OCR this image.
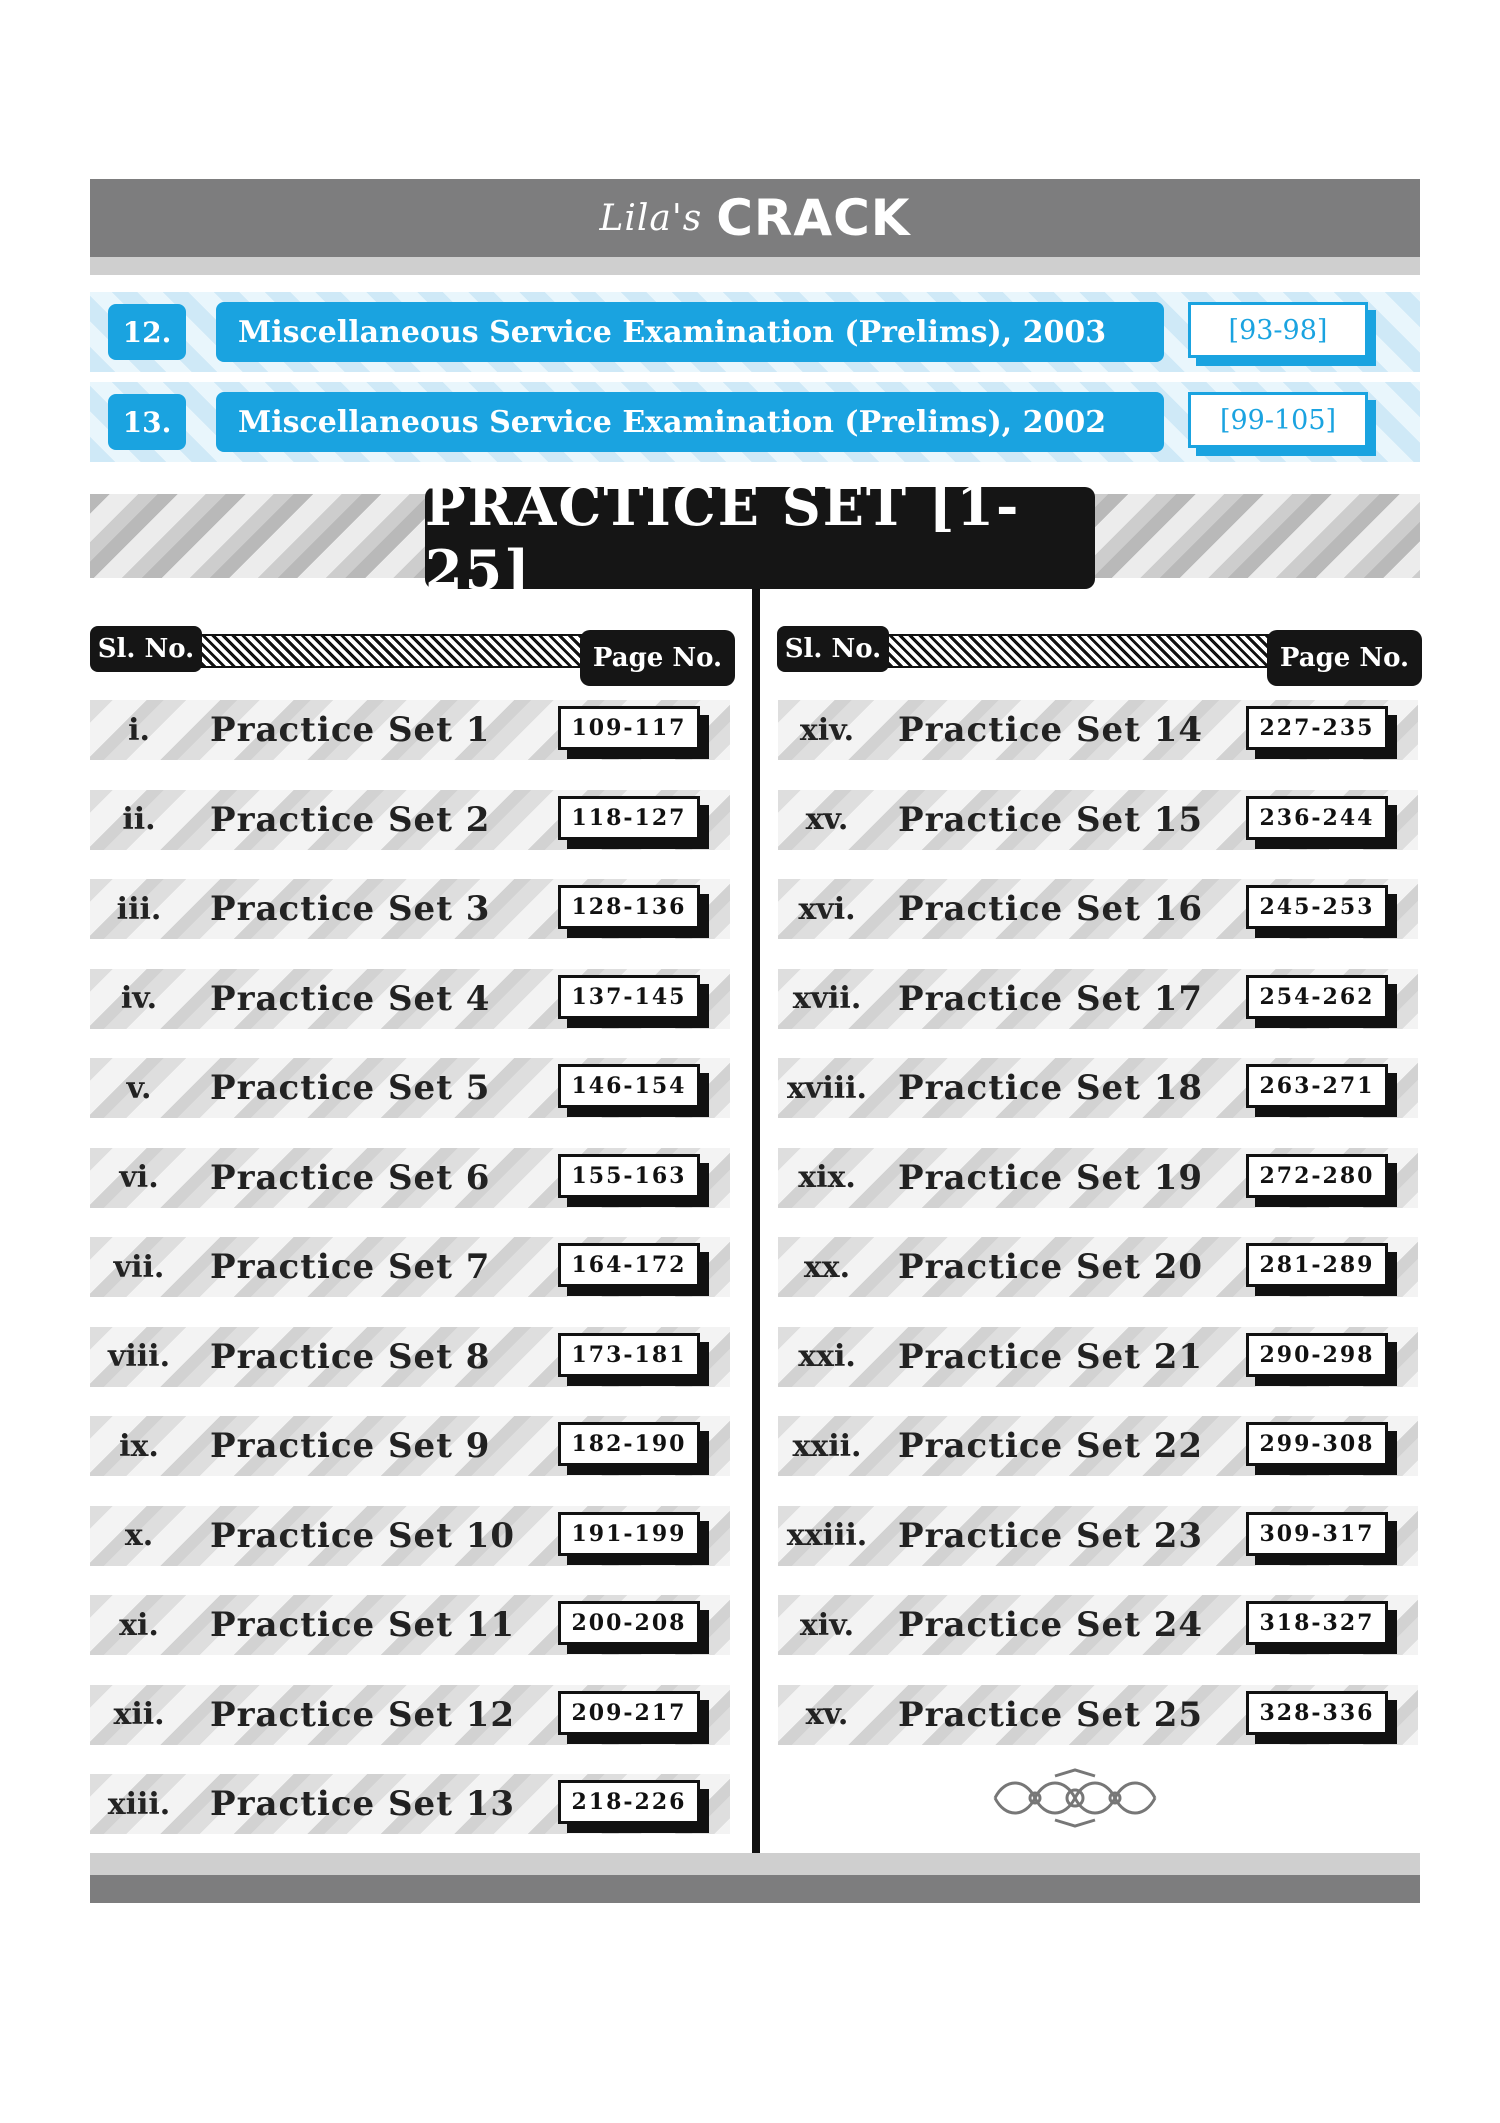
Lila's CRACK
12.	Miscellaneous Service Examination (Prelims), 2003	[93-98]
13.	Miscellaneous Service Examination (Prelims), 2002	[99-105]
PRACTICE SET [1-25]
Sl. No.	Page No.	Sl. No.	Page No.
i.	Practice Set 1	109-117
ii.	Practice Set 2	118-127
iii.	Practice Set 3	128-136
iv.	Practice Set 4	137-145
v.	Practice Set 5	146-154
vi.	Practice Set 6	155-163
vii.	Practice Set 7	164-172
viii.	Practice Set 8	173-181
ix.	Practice Set 9	182-190
x.	Practice Set 10	191-199
xi.	Practice Set 11	200-208
xii.	Practice Set 12	209-217
xiii.	Practice Set 13	218-226
xiv.	Practice Set 14	227-235
xv.	Practice Set 15	236-244
xvi.	Practice Set 16	245-253
xvii.	Practice Set 17	254-262
xviii. Practice Set 18	263-271
xix.	Practice Set 19	272-280
xx.	Practice Set 20	281-289
xxi.	Practice Set 21	290-298
xxii.	Practice Set 22	299-308
xxiii. Practice Set 23	309-317
xiv.	Practice Set 24	318-327
xv.	Practice Set 25	328-336
